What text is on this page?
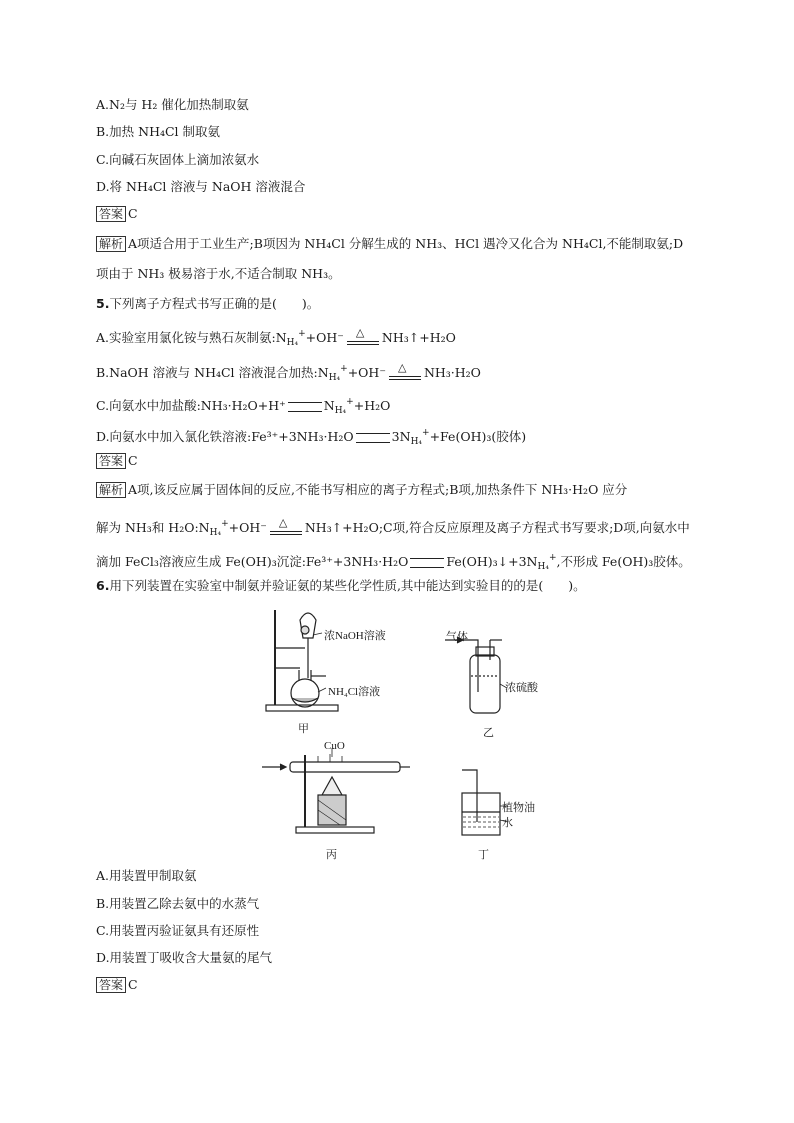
A.N₂与 H₂ 催化加热制取氨
B.加热 NH₄Cl 制取氨
C.向碱石灰固体上滴加浓氨水
D.将 NH₄Cl 溶液与 NaOH 溶液混合
答案 C
解析 A项适合用于工业生产;B项因为 NH₄Cl 分解生成的 NH₃、HCl 遇冷又化合为 NH₄Cl,不能制取氨;D
项由于 NH₃ 极易溶于水,不适合制取 NH₃。
5.下列离子方程式书写正确的是(　　)。
A.实验室用氯化铵与熟石灰制氨$:N_{H_4}^++OH^-$ △ NH₃↑+H₂O
B.NaOH 溶液与 NH₄Cl 溶液混合加热$:N_{H_4}^++OH^-$ △ NH₃·H₂O
C.向氨水中加盐酸:NH₃·H₂O+H⁺	$N_{H_4}^++H_2O$
D.向氨水中加入氯化铁溶液:Fe³⁺+3NH₃·H₂O	$3N_{H_4}^++Fe(OH)_3$(胶体)
答案 C
解析 A项,该反应属于固体间的反应,不能书写相应的离子方程式;B项,加热条件下 NH₃·H₂O 应分
解为 NH₃和 $H_2O:N_{H_4}^++OH^-$ △ NH₃↑+H₂O;C项,符合反应原理及离子方程式书写要求;D项,向氨水中
滴加 FeCl₃溶液应生成 Fe(OH)₃沉淀:Fe³⁺+3NH₃·H₂O	$Fe(OH)_3↓+3N_{H_4}^+$,不形成 Fe(OH)₃胶体。
6.用下列装置在实验室中制氨并验证氨的某些化学性质,其中能达到实验目的的是(　　)。
浓NaOH溶液
NH₄Cl溶液
甲
气体
浓硫酸
乙
CuO
丙
植物油
水
丁
A.用装置甲制取氨
B.用装置乙除去氨中的水蒸气
C.用装置丙验证氨具有还原性
D.用装置丁吸收含大量氨的尾气
答案 C
